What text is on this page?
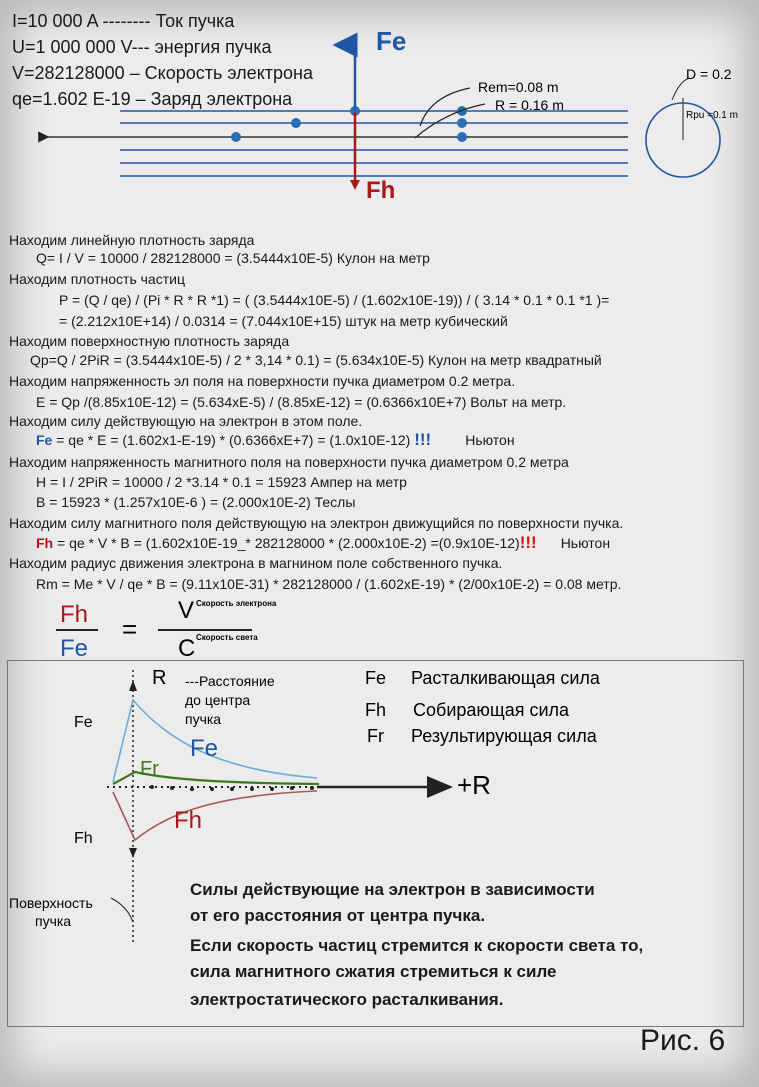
I=10 000 A -------- Ток пучка
U=1 000 000 V--- энергия пучка
V=282128000 – Скорость электрона
qe=1.602 E-19 – Заряд электрона
Fe
Fh
Rem=0.08 m
R = 0.16 m
D = 0.2
Rpu =0.1 m
Находим линейную плотность заряда
Q= I / V = 10000 / 282128000 = (3.5444x10E-5) Кулон на метр
Находим плотность частиц
P = (Q / qe) / (Pi * R * R *1) = ( (3.5444x10E-5) / (1.602x10E-19)) / ( 3.14 * 0.1 * 0.1 *1 )=
= (2.212x10E+14) / 0.0314 = (7.044x10E+15) штук на метр кубический
Находим поверхностную плотность заряда
Qp=Q / 2PiR = (3.5444x10E-5) / 2 * 3,14 * 0.1) = (5.634x10E-5) Кулон на метр квадратный
Находим напряженность эл поля на поверхности пучка диаметром 0.2 метра.
E = Qp /(8.85x10E-12) = (5.634xE-5) / (8.85xE-12) = (0.6366x10E+7) Вольт на метр.
Находим силу действующую на электрон в этом поле.
Fe = qe * E = (1.602x1-E-19) * (0.6366xE+7) = (1.0x10E-12) !!! Ньютон
Находим напряженность магнитного поля на поверхности пучка диаметром 0.2 метра
H = I / 2PiR = 10000 / 2 *3.14 * 0.1 = 15923 Ампер на метр
B = 15923 * (1.257x10E-6 ) = (2.000x10E-2) Теслы
Находим силу магнитного поля действующую на электрон движущийся по поверхности пучка.
Fh = qe * V * B = (1.602x10E-19_* 282128000 * (2.000x10E-2) =(0.9x10E-12)!!! Ньютон
Находим радиус движения электрона в магнином поле собственного пучка.
Rm = Me * V / qe * B = (9.11x10E-31) * 282128000 / (1.602xE-19) * (2/00x10E-2) = 0.08 метр.
Fh
Fe
=
V Скорость электрона
C Скорость света
R ---Расстояние
до центра
пучка
Fe
Fh
Fe
Fr
Fh
+R
Поверхность
пучка
Fe Расталкивающая сила
Fh Собирающая сила
Fr Результирующая сила
Силы действующие на электрон в зависимости
от его расстояния от центра пучка.
Если скорость частиц стремится к скорости света то,
сила магнитного сжатия стремиться к силе
электростатического расталкивания.
Рис. 6
